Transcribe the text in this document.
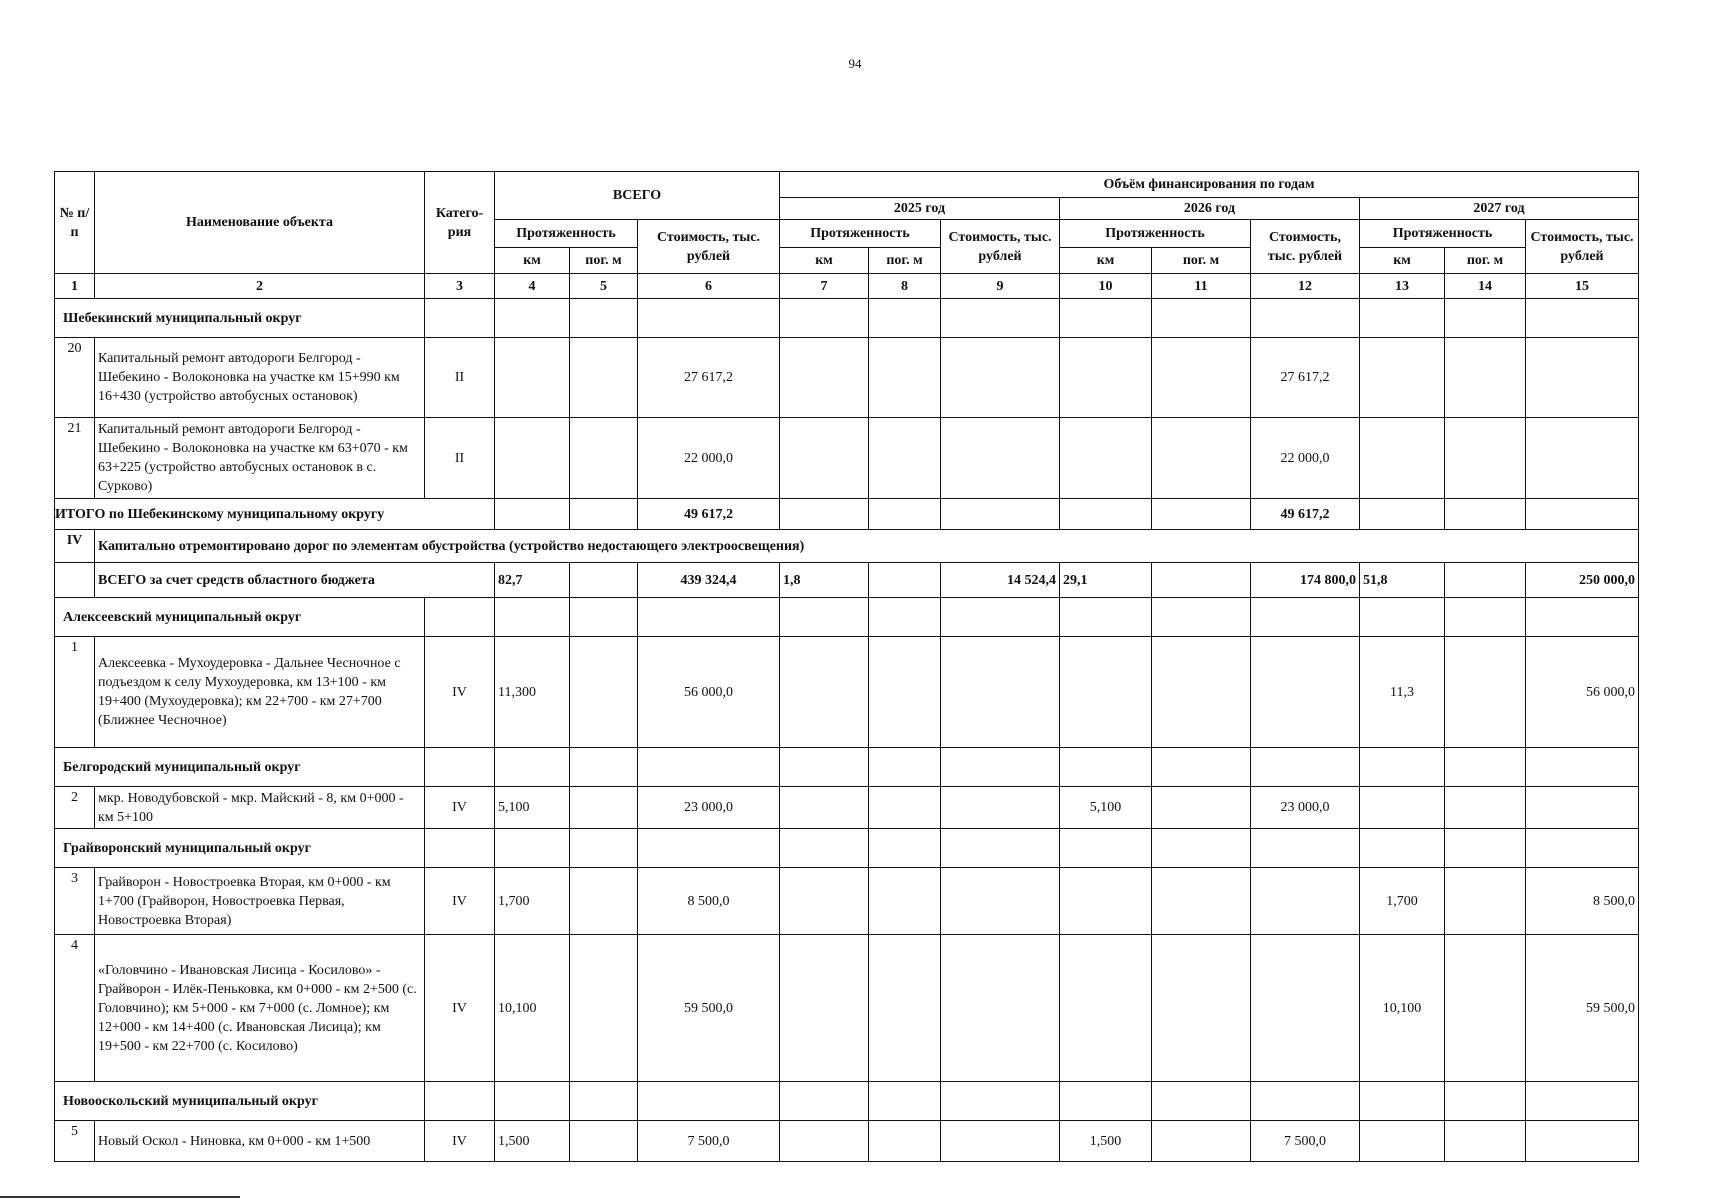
94
№ п/п	Наименование объекта	Катего-рия	ВСЕГО			Объём финансирования по годам								
						2025 год			2026 год			2027 год		
			Протяженность		Стоимость, тыс. рублей	Протяженность		Стоимость, тыс. рублей	Протяженность		Стоимость, тыс. рублей	Протяженность		Стоимость, тыс. рублей
			км	пог. м		км	пог. м		км	пог. м		км	пог. м	
1	2	3	4	5	6	7	8	9	10	11	12	13	14	15
Шебекинский муниципальный округ														
20	Капитальный ремонт автодороги Белгород - Шебекино - Волоконовка на участке км 15+990 км 16+430 (устройство автобусных остановок)	II			27 617,2						27 617,2			
21	Капитальный ремонт автодороги Белгород - Шебекино - Волоконовка на участке км 63+070 - км 63+225 (устройство автобусных остановок в с. Сурково)	II			22 000,0						22 000,0			
ИТОГО по Шебекинскому муниципальному округу					49 617,2						49 617,2			
IV	Капитально отремонтировано дорог по элементам обустройства (устройство недостающего электроосвещения)													
	ВСЕГО за счет средств областного бюджета		82,7		439 324,4	1,8		14 524,4	29,1		174 800,0	51,8		250 000,0
Алексеевский муниципальный округ														
1	Алексеевка - Мухоудеровка - Дальнее Чесночное с подъездом к селу Мухоудеровка, км 13+100 - км 19+400 (Мухоудеровка); км 22+700 - км 27+700 (Ближнее Чесночное)	IV	11,300		56 000,0							11,3		56 000,0
Белгородский муниципальный округ														
2	мкр. Новодубовской - мкр. Майский - 8, км 0+000 - км 5+100	IV	5,100		23 000,0				5,100		23 000,0			
Грайворонский муниципальный округ														
3	Грайворон - Новостроевка Вторая, км 0+000 - км 1+700 (Грайворон, Новостроевка Первая, Новостроевка Вторая)	IV	1,700		8 500,0							1,700		8 500,0
4	«Головчино - Ивановская Лисица - Косилово» - Грайворон - Илёк-Пеньковка, км 0+000 - км 2+500 (с. Головчино); км 5+000 - км 7+000 (с. Ломное); км 12+000 - км 14+400 (с. Ивановская Лисица); км 19+500 - км 22+700 (с. Косилово)	IV	10,100		59 500,0							10,100		59 500,0
Новооскольский муниципальный округ														
5	Новый Оскол - Ниновка, км 0+000 - км 1+500	IV	1,500		7 500,0				1,500		7 500,0			
